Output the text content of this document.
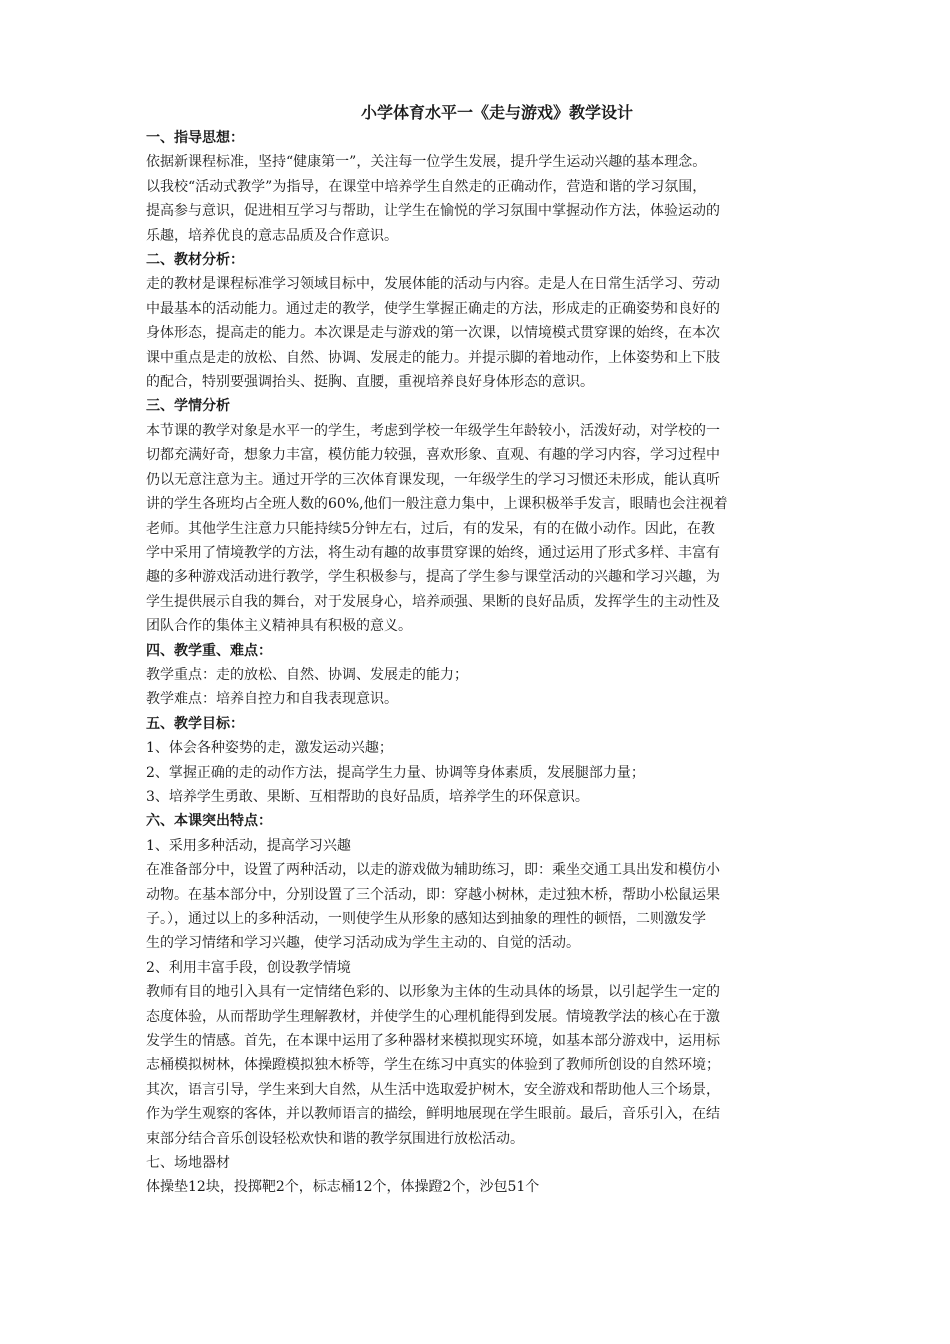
小学体育水平一《走与游戏》教学设计

一、指导思想：

依据新课程标准，坚持“健康第一”，关注每一位学生发展，提升学生运动兴趣的基本理念。

以我校“活动式教学”为指导，在课堂中培养学生自然走的正确动作，营造和谐的学习氛围，

提高参与意识，促进相互学习与帮助，让学生在愉悦的学习氛围中掌握动作方法，体验运动的

乐趣，培养优良的意志品质及合作意识。

二、教材分析：

走的教材是课程标准学习领域目标中，发展体能的活动与内容。走是人在日常生活学习、劳动

中最基本的活动能力。通过走的教学，使学生掌握正确走的方法，形成走的正确姿势和良好的

身体形态，提高走的能力。本次课是走与游戏的第一次课，以情境模式贯穿课的始终，在本次

课中重点是走的放松、自然、协调、发展走的能力。并提示脚的着地动作，上体姿势和上下肢

的配合，特别要强调抬头、挺胸、直腰，重视培养良好身体形态的意识。

三、学情分析

本节课的教学对象是水平一的学生，考虑到学校一年级学生年龄较小，活泼好动，对学校的一

切都充满好奇，想象力丰富，模仿能力较强，喜欢形象、直观、有趣的学习内容，学习过程中

仍以无意注意为主。通过开学的三次体育课发现，一年级学生的学习习惯还未形成，能认真听

讲的学生各班均占全班人数的60%,他们一般注意力集中，上课积极举手发言，眼睛也会注视着

老师。其他学生注意力只能持续5分钟左右，过后，有的发呆，有的在做小动作。因此，在教

学中采用了情境教学的方法，将生动有趣的故事贯穿课的始终，通过运用了形式多样、丰富有

趣的多种游戏活动进行教学，学生积极参与，提高了学生参与课堂活动的兴趣和学习兴趣，为

学生提供展示自我的舞台，对于发展身心，培养顽强、果断的良好品质，发挥学生的主动性及

团队合作的集体主义精神具有积极的意义。

四、教学重、难点：

教学重点：走的放松、自然、协调、发展走的能力；

教学难点：培养自控力和自我表现意识。

五、教学目标：

1、体会各种姿势的走，激发运动兴趣；

2、掌握正确的走的动作方法，提高学生力量、协调等身体素质，发展腿部力量；

3、培养学生勇敢、果断、互相帮助的良好品质，培养学生的环保意识。

六、本课突出特点：

1、采用多种活动，提高学习兴趣

在准备部分中，设置了两种活动，以走的游戏做为辅助练习，即：乘坐交通工具出发和模仿小

动物。在基本部分中，分别设置了三个活动，即：穿越小树林，走过独木桥，帮助小松鼠运果

子。），通过以上的多种活动，一则使学生从形象的感知达到抽象的理性的顿悟，二则激发学

生的学习情绪和学习兴趣，使学习活动成为学生主动的、自觉的活动。

2、利用丰富手段，创设教学情境

教师有目的地引入具有一定情绪色彩的、以形象为主体的生动具体的场景，以引起学生一定的

态度体验，从而帮助学生理解教材，并使学生的心理机能得到发展。情境教学法的核心在于激

发学生的情感。首先，在本课中运用了多种器材来模拟现实环境，如基本部分游戏中，运用标

志桶模拟树林，体操蹬模拟独木桥等，学生在练习中真实的体验到了教师所创设的自然环境；

其次，语言引导，学生来到大自然，从生活中选取爱护树木，安全游戏和帮助他人三个场景，

作为学生观察的客体，并以教师语言的描绘，鲜明地展现在学生眼前。最后，音乐引入，在结

束部分结合音乐创设轻松欢快和谐的教学氛围进行放松活动。

七、场地器材

体操垫12块，投掷靶2个，标志桶12个，体操蹬2个，沙包51个
